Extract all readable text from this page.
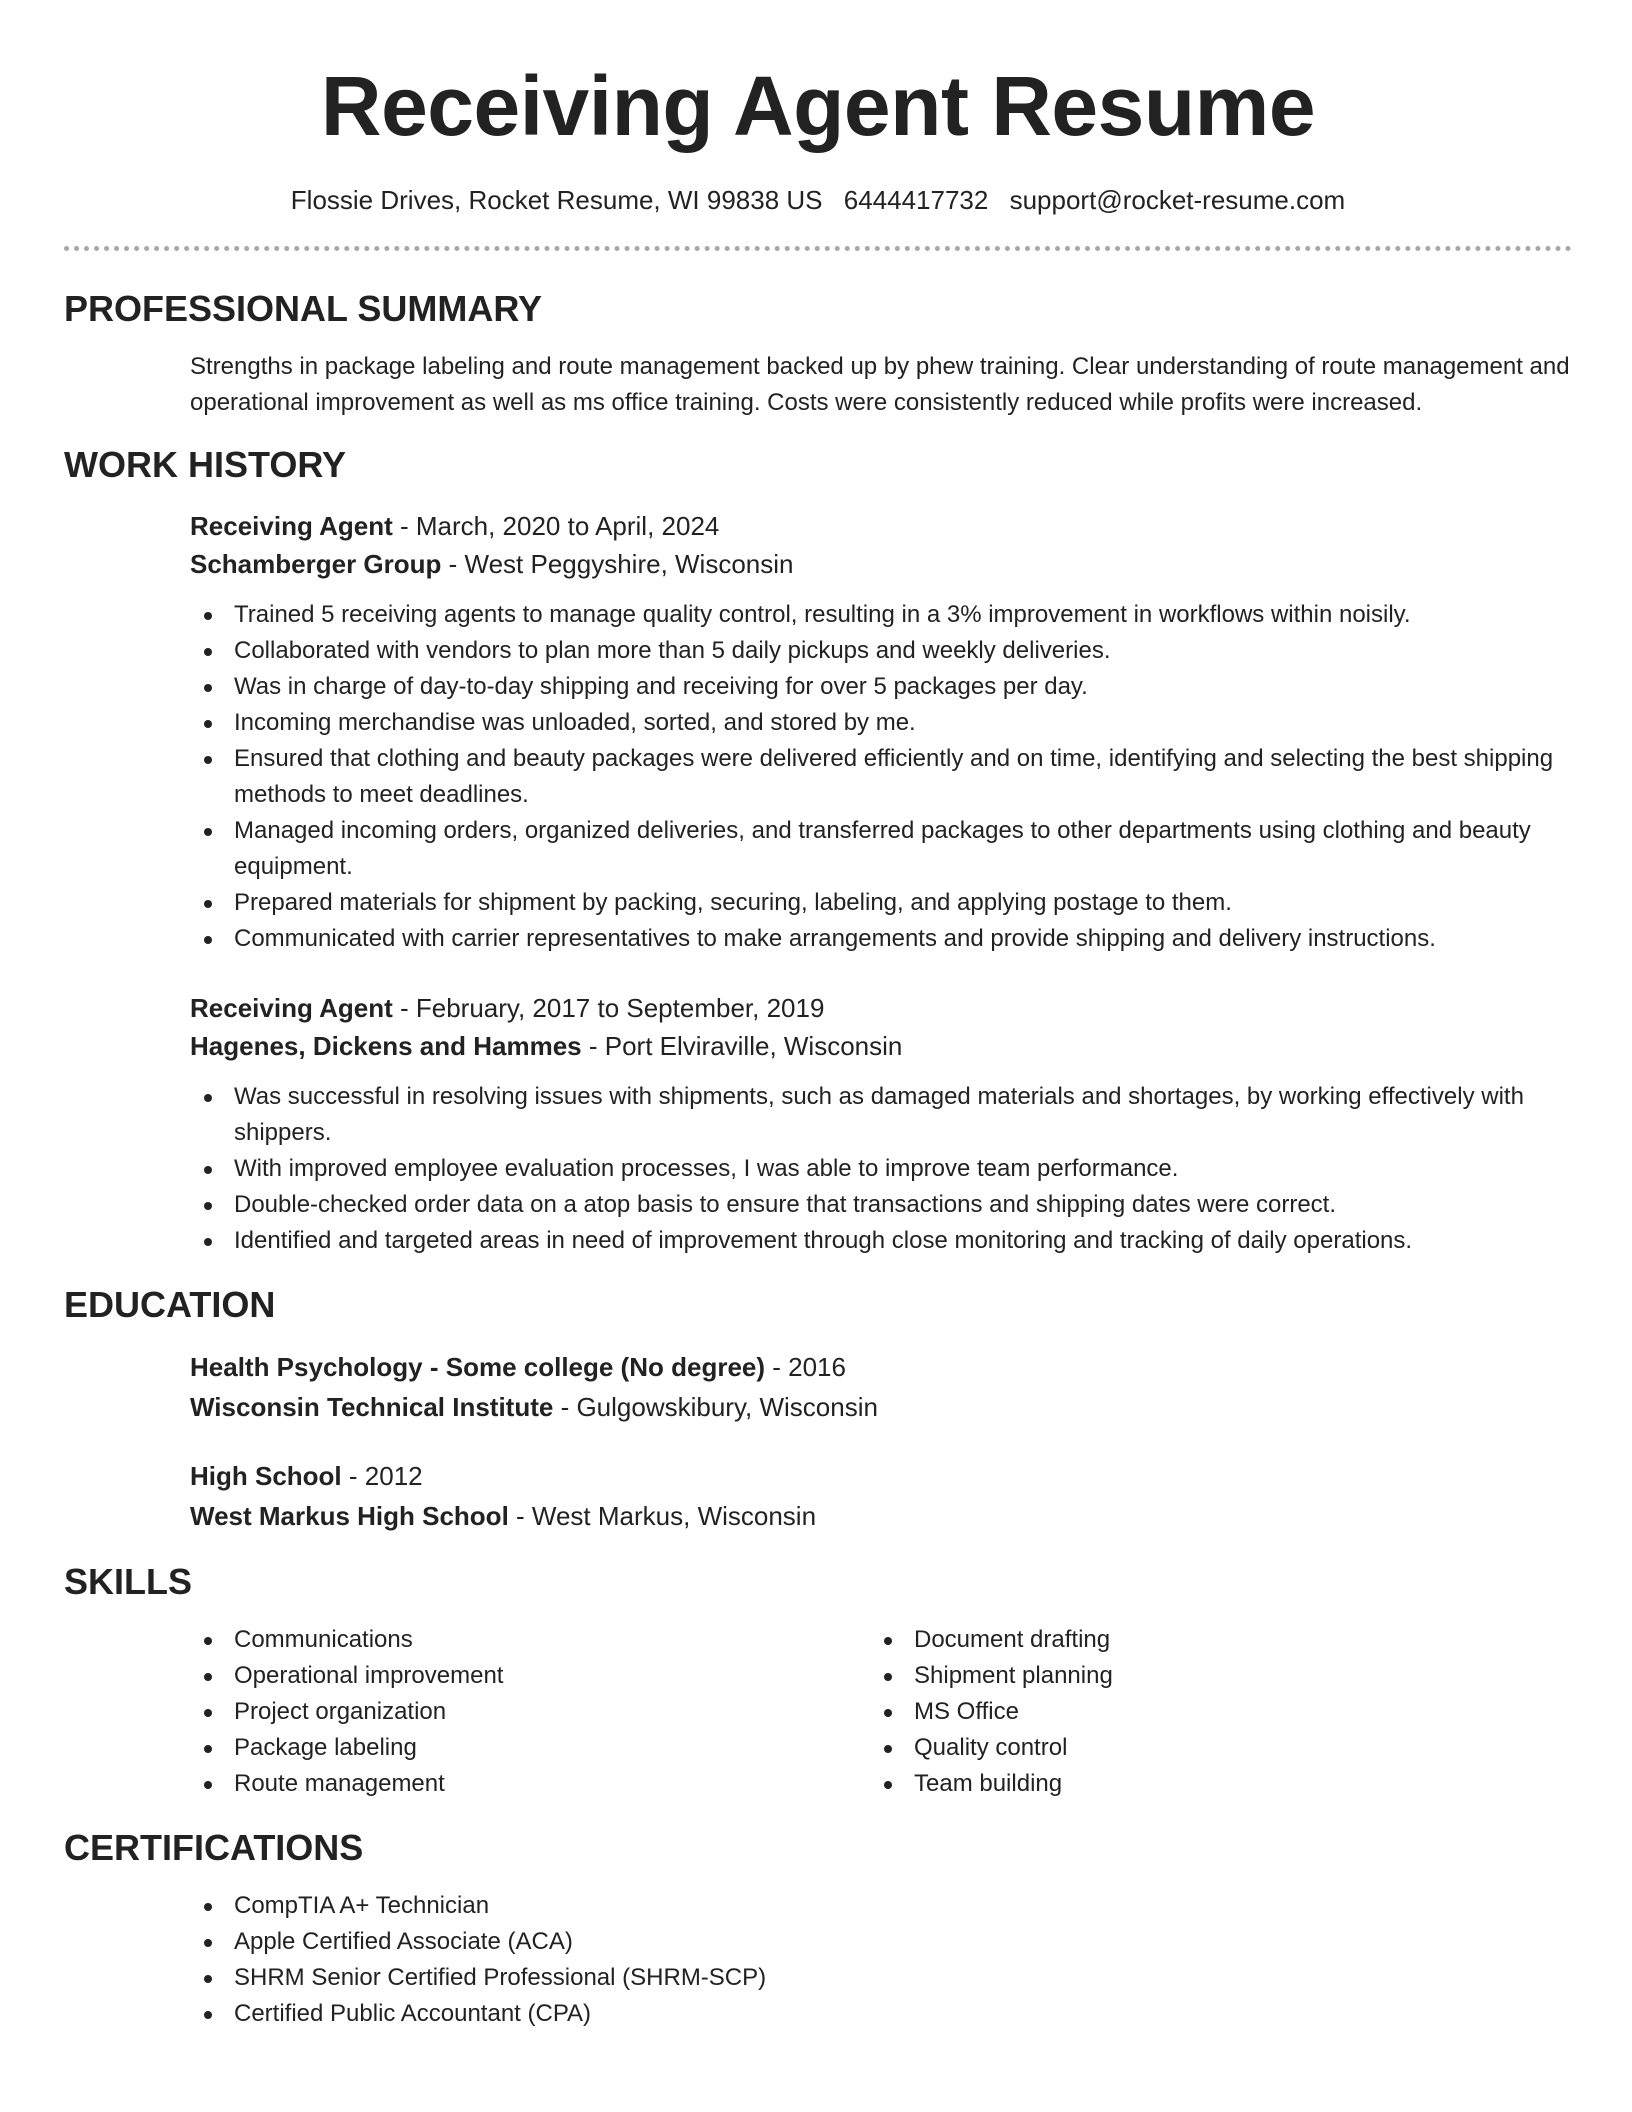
Receiving Agent Resume
Flossie Drives, Rocket Resume, WI 99838 US 6444417732 support@rocket-resume.com
PROFESSIONAL SUMMARY

Strengths in package labeling and route management backed up by phew training. Clear understanding of route management and operational improvement as well as ms office training. Costs were consistently reduced while profits were increased.

WORK HISTORY
Receiving Agent - March, 2020 to April, 2024
Schamberger Group - West Peggyshire, Wisconsin
Trained 5 receiving agents to manage quality control, resulting in a 3% improvement in workflows within noisily.
Collaborated with vendors to plan more than 5 daily pickups and weekly deliveries.
Was in charge of day-to-day shipping and receiving for over 5 packages per day.
Incoming merchandise was unloaded, sorted, and stored by me.
Ensured that clothing and beauty packages were delivered efficiently and on time, identifying and selecting the best shipping methods to meet deadlines.
Managed incoming orders, organized deliveries, and transferred packages to other departments using clothing and beauty equipment.
Prepared materials for shipment by packing, securing, labeling, and applying postage to them.
Communicated with carrier representatives to make arrangements and provide shipping and delivery instructions.
Receiving Agent - February, 2017 to September, 2019
Hagenes, Dickens and Hammes - Port Elviraville, Wisconsin
Was successful in resolving issues with shipments, such as damaged materials and shortages, by working effectively with shippers.
With improved employee evaluation processes, I was able to improve team performance.
Double-checked order data on a atop basis to ensure that transactions and shipping dates were correct.
Identified and targeted areas in need of improvement through close monitoring and tracking of daily operations.
EDUCATION
Health Psychology - Some college (No degree) - 2016
Wisconsin Technical Institute - Gulgowskibury, Wisconsin
High School - 2012
West Markus High School - West Markus, Wisconsin
SKILLS
Communications
Operational improvement
Project organization
Package labeling
Route management
Document drafting
Shipment planning
MS Office
Quality control
Team building
CERTIFICATIONS
CompTIA A+ Technician
Apple Certified Associate (ACA)
SHRM Senior Certified Professional (SHRM-SCP)
Certified Public Accountant (CPA)
